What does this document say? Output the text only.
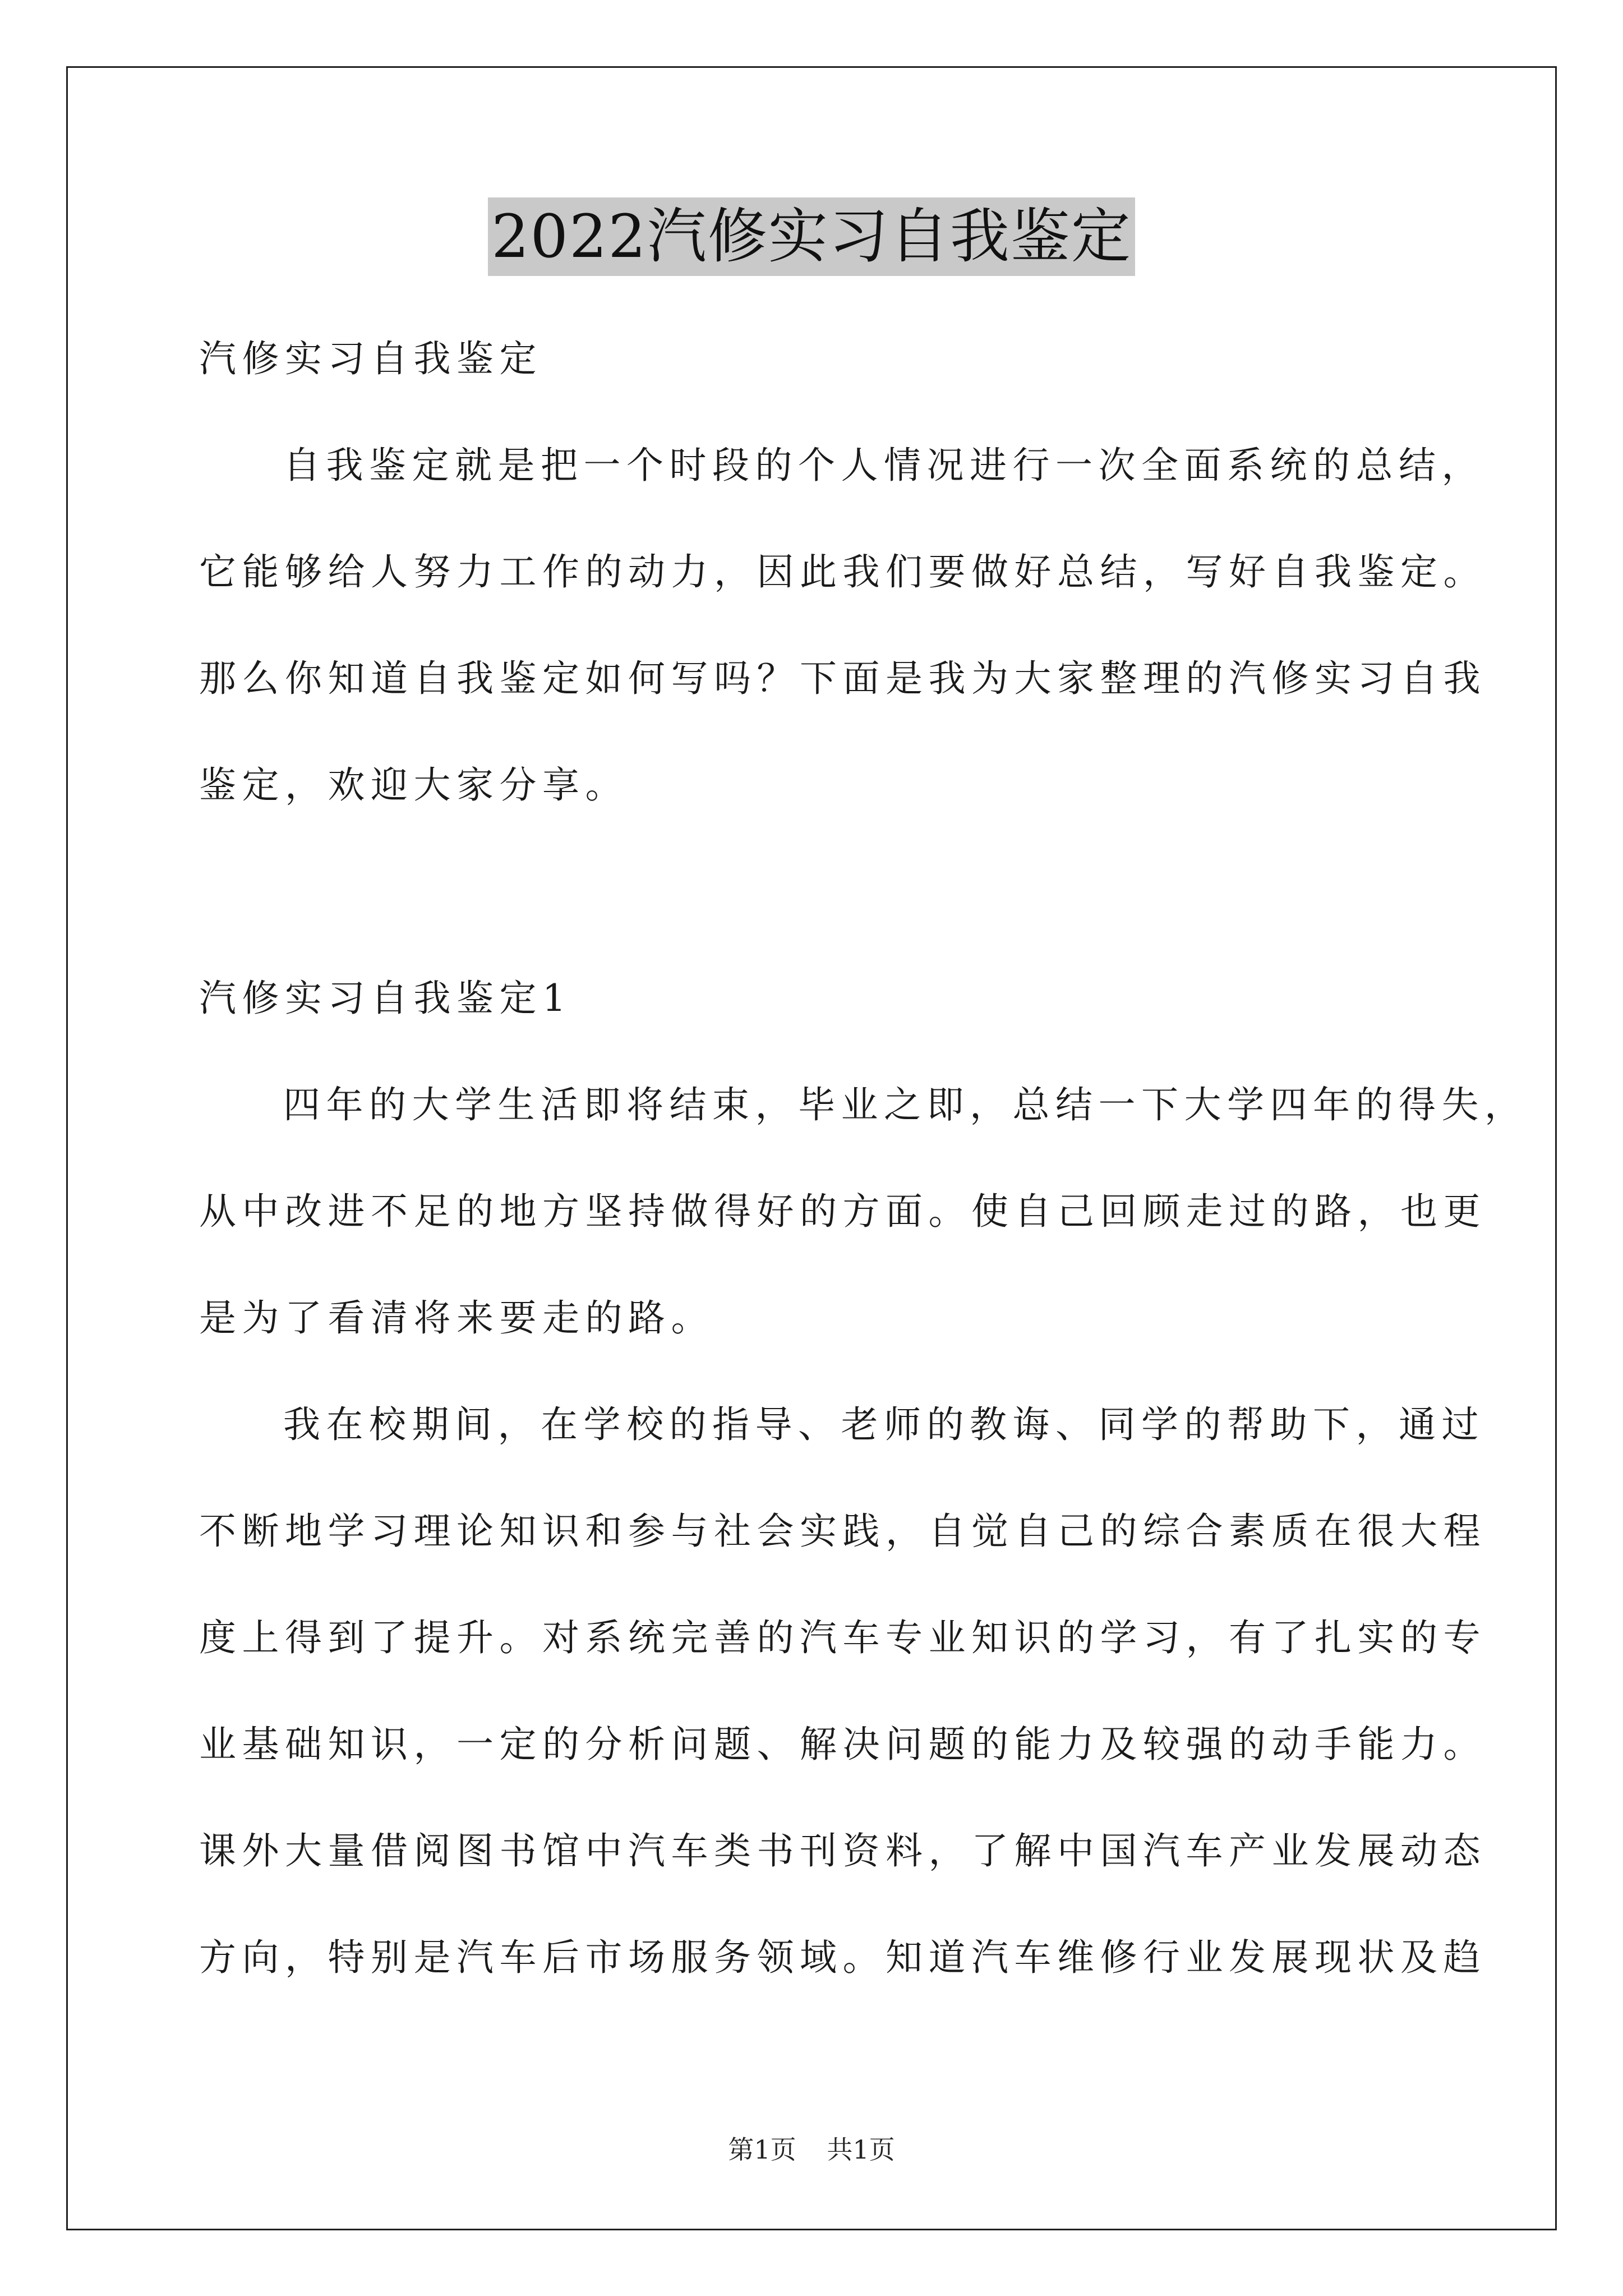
2022汽修实习自我鉴定
汽修实习自我鉴定
自我鉴定就是把一个时段的个人情况进行一次全面系统的总结，
它能够给人努力工作的动力，因此我们要做好总结，写好自我鉴定。
那么你知道自我鉴定如何写吗？下面是我为大家整理的汽修实习自我
鉴定，欢迎大家分享。
汽修实习自我鉴定1
四年的大学生活即将结束，毕业之即，总结一下大学四年的得失，
从中改进不足的地方坚持做得好的方面。使自己回顾走过的路，也更
是为了看清将来要走的路。
我在校期间，在学校的指导、老师的教诲、同学的帮助下，通过
不断地学习理论知识和参与社会实践，自觉自己的综合素质在很大程
度上得到了提升。对系统完善的汽车专业知识的学习，有了扎实的专
业基础知识，一定的分析问题、解决问题的能力及较强的动手能力。
课外大量借阅图书馆中汽车类书刊资料，了解中国汽车产业发展动态
方向，特别是汽车后市场服务领域。知道汽车维修行业发展现状及趋
第1页 共1页
